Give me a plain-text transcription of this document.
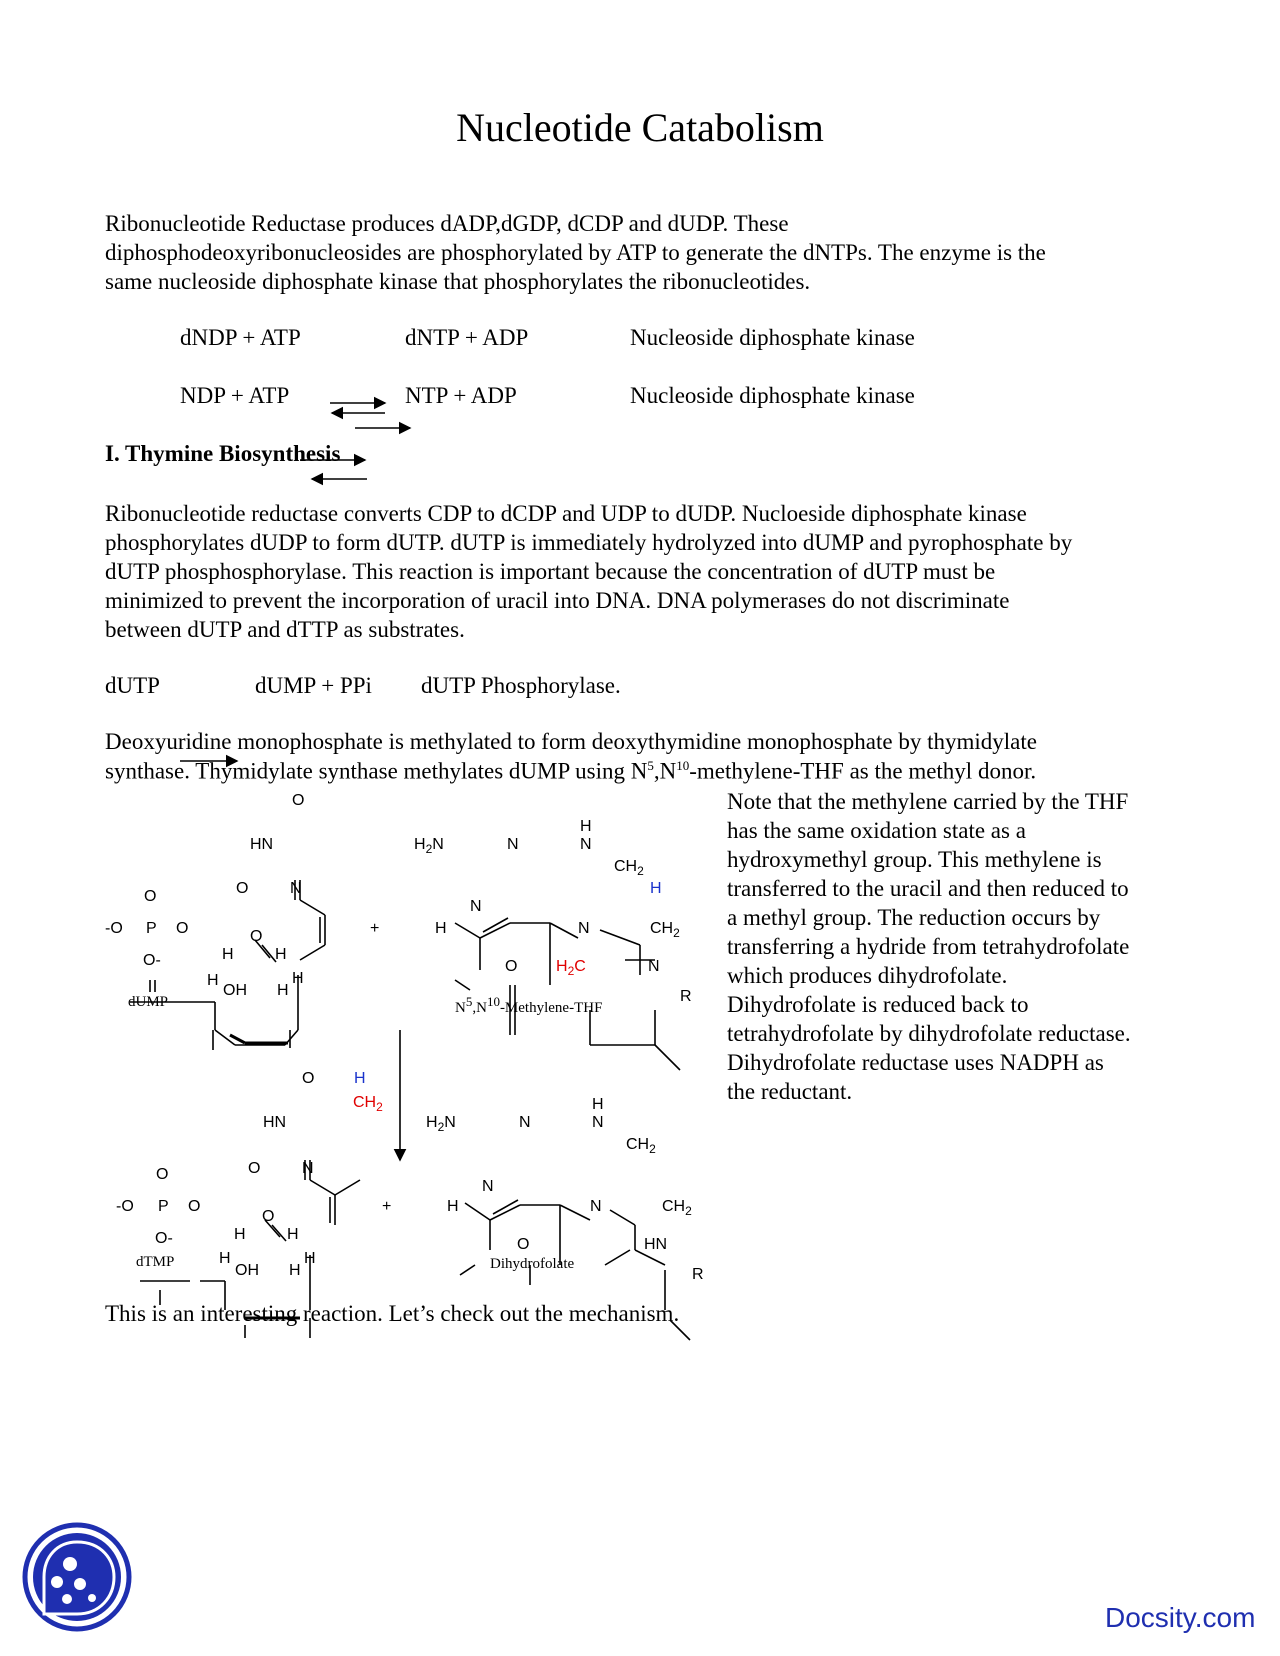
Nucleotide Catabolism
Ribonucleotide Reductase produces dADP,dGDP, dCDP and dUDP. These
diphosphodeoxyribonucleosides are phosphorylated by ATP to generate the dNTPs. The enzyme is the
same nucleoside diphosphate kinase that phosphorylates the ribonucleotides.
dNDP + ATP	dNTP + ADP	Nucleoside diphosphate kinase
NDP + ATP	NTP + ADP	Nucleoside diphosphate kinase
I. Thymine Biosynthesis
Ribonucleotide reductase converts CDP to dCDP and UDP to dUDP. Nucloeside diphosphate kinase
phosphorylates dUDP to form dUTP. dUTP is immediately hydrolyzed into dUMP and pyrophosphate by
dUTP phosphosphorylase. This reaction is important because the concentration of dUTP must be
minimized to prevent the incorporation of uracil into DNA. DNA polymerases do not discriminate
between dUTP and dTTP as substrates.
dUTP	dUMP + PPi dUTP Phosphorylase.
Deoxyuridine monophosphate is methylated to form deoxythymidine monophosphate by thymidylate
synthase. Thymidylate synthase methylates dUMP using $N^5,N^{10}-methylene$-THF as the methyl donor.
Note that the methylene carried by the THF
has the same oxidation state as a
hydroxymethyl group. This methylene is
transferred to the uracil and then reduced to
a methyl group. The reduction occurs by
transferring a hydride from tetrahydrofolate
which produces dihydrofolate.
Dihydrofolate is reduced back to
tetrahydrofolate by dihydrofolate reductase.
Dihydrofolate reductase uses NADPH as
the reductant.
O
HN	$H_2N$	N
H
N
$CH_2$
H
O	N
N
O
-O P O	+	H	N	$CH_2$
O
O-	H	H
O $H_2C$	N
H
OH H
H
R
dUMP	$N^5,N^{10}-Methylene$-THF
O H
$CH_2$
HN	$H_2N$	N
H
N
$CH_2$
O	N
O
N
-O P O	+	H	N	$CH_2$
O
O-	H	H
O	HN
H
OH H
H
R
dTMP	Dihydrofolate
This is an interesting reaction. Let’s check out the mechanism.
Docsity.com
